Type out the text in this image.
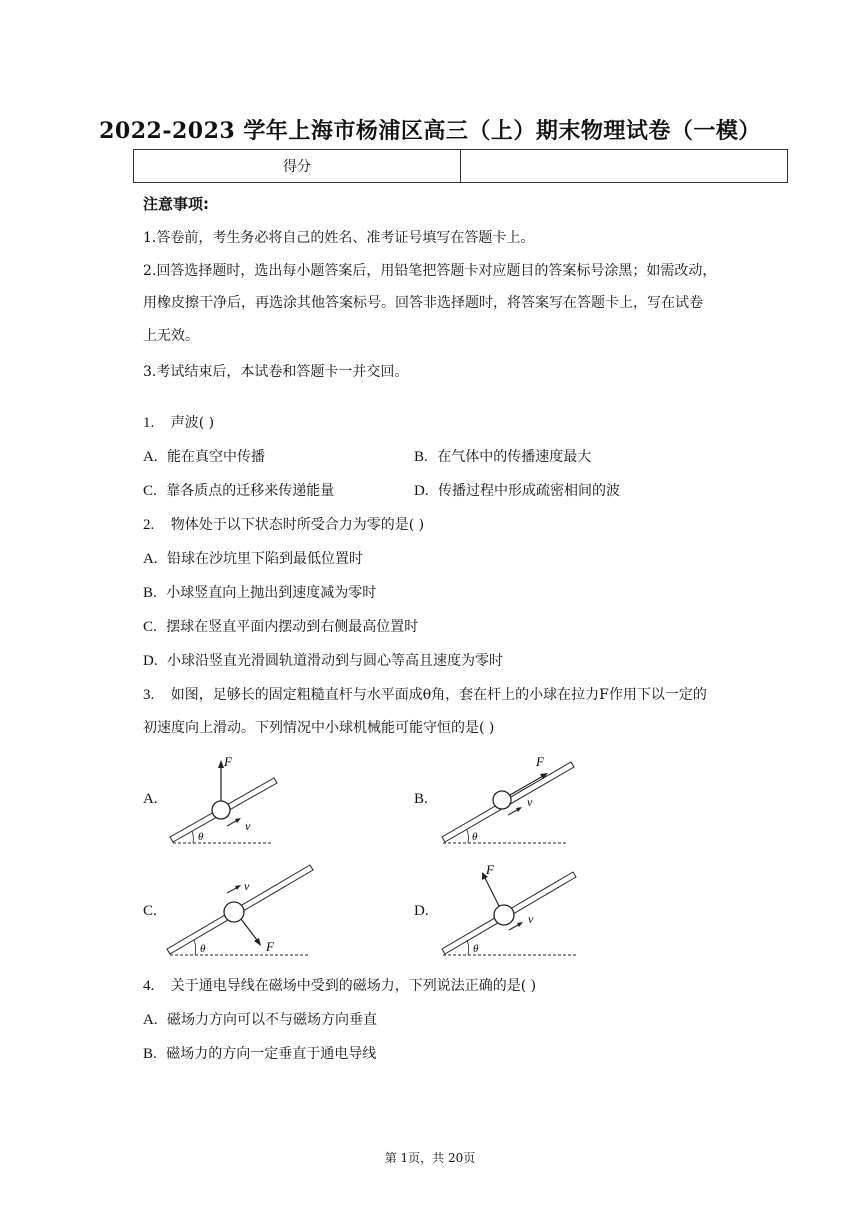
2022-2023 学年上海市杨浦区高三（上）期末物理试卷（一模）
得分	
注意事项:
1.答卷前，考生务必将自己的姓名、准考证号填写在答题卡上。
2.回答选择题时，选出每小题答案后，用铅笔把答题卡对应题目的答案标号涂黑；如需改动，
用橡皮擦干净后，再选涂其他答案标号。回答非选择题时，将答案写在答题卡上，写在试卷
上无效。
3.考试结束后，本试卷和答题卡一并交回。
1. 声波( )
A. 能在真空中传播	B. 在气体中的传播速度最大
C. 靠各质点的迁移来传递能量	D. 传播过程中形成疏密相间的波
2. 物体处于以下状态时所受合力为零的是( )
A. 铅球在沙坑里下陷到最低位置时
B. 小球竖直向上抛出到速度减为零时
C. 摆球在竖直平面内摆动到右侧最高位置时
D. 小球沿竖直光滑圆轨道滑动到与圆心等高且速度为零时
3. 如图，足够长的固定粗糙直杆与水平面成θ角，套在杆上的小球在拉力F作用下以一定的
初速度向上滑动。下列情况中小球机械能可能守恒的是( )
A.
F
v
θ
B.
F
v
θ
C.
v
F
θ
D.
F
v
θ
4. 关于通电导线在磁场中受到的磁场力，下列说法正确的是( )
A. 磁场力方向可以不与磁场方向垂直
B. 磁场力的方向一定垂直于通电导线
第 1页，共 20页
